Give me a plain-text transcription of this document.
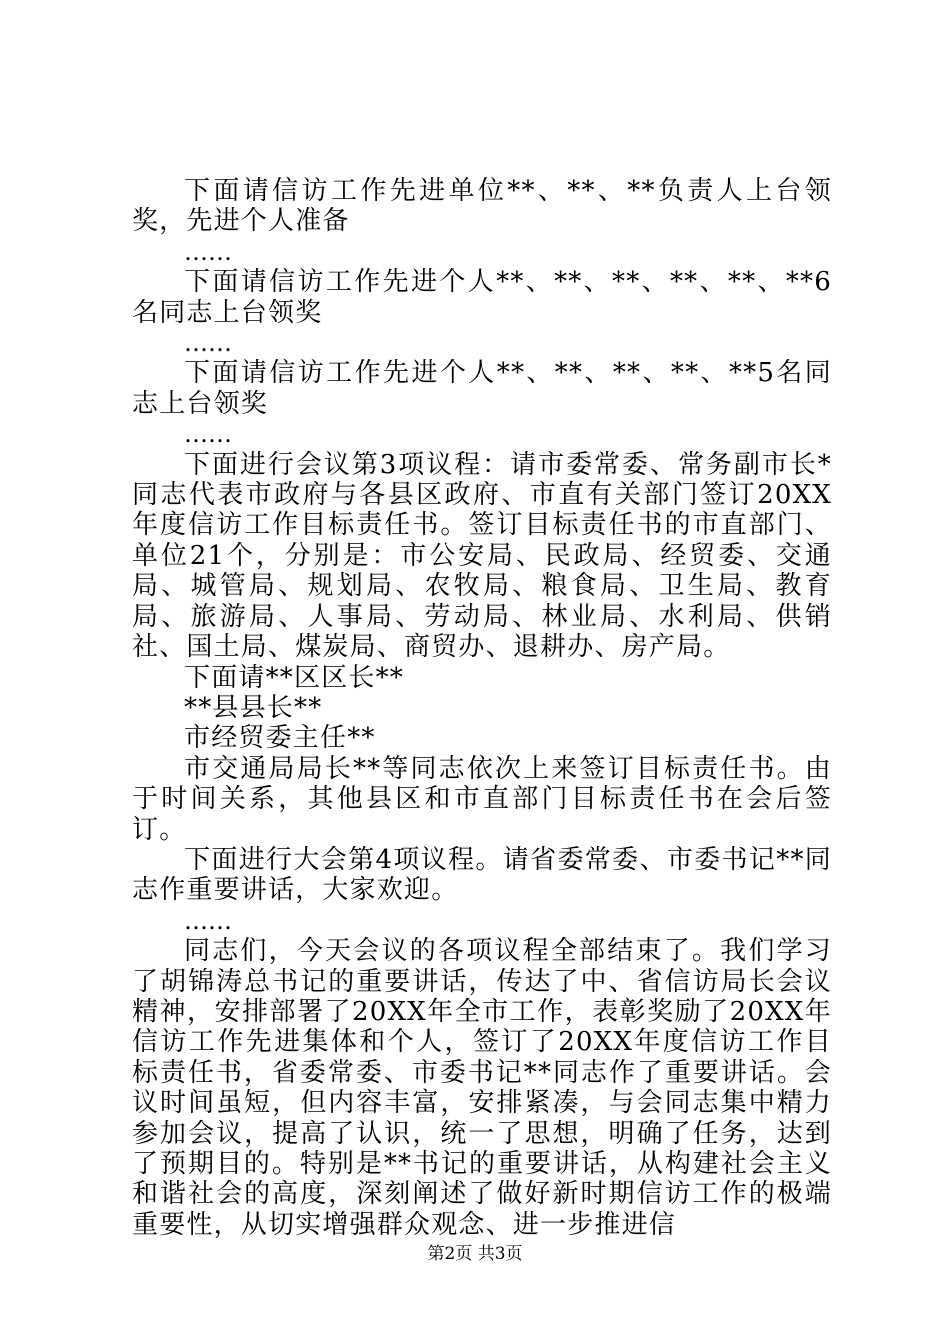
下面请信访工作先进单位**、**、**负责人上台领奖，先进个人准备

……

下面请信访工作先进个人**、**、**、**、**、**6名同志上台领奖

……

下面请信访工作先进个人**、**、**、**、**5名同志上台领奖

……

下面进行会议第3项议程：请市委常委、常务副市长*同志代表市政府与各县区政府、市直有关部门签订20XX年度信访工作目标责任书。签订目标责任书的市直部门、单位21个，分别是：市公安局、民政局、经贸委、交通局、城管局、规划局、农牧局、粮食局、卫生局、教育局、旅游局、人事局、劳动局、林业局、水利局、供销社、国土局、煤炭局、商贸办、退耕办、房产局。

下面请**区区长**

**县县长**

市经贸委主任**

市交通局局长**等同志依次上来签订目标责任书。由于时间关系，其他县区和市直部门目标责任书在会后签订。

下面进行大会第4项议程。请省委常委、市委书记**同志作重要讲话，大家欢迎。

……

同志们，今天会议的各项议程全部结束了。我们学习了胡锦涛总书记的重要讲话，传达了中、省信访局长会议精神，安排部署了20XX年全市工作，表彰奖励了20XX年信访工作先进集体和个人，签订了20XX年度信访工作目标责任书，省委常委、市委书记**同志作了重要讲话。会议时间虽短，但内容丰富，安排紧凑，与会同志集中精力参加会议，提高了认识，统一了思想，明确了任务，达到了预期目的。特别是**书记的重要讲话，从构建社会主义和谐社会的高度，深刻阐述了做好新时期信访工作的极端重要性，从切实增强群众观念、进一步推进信

第2页 共3页
